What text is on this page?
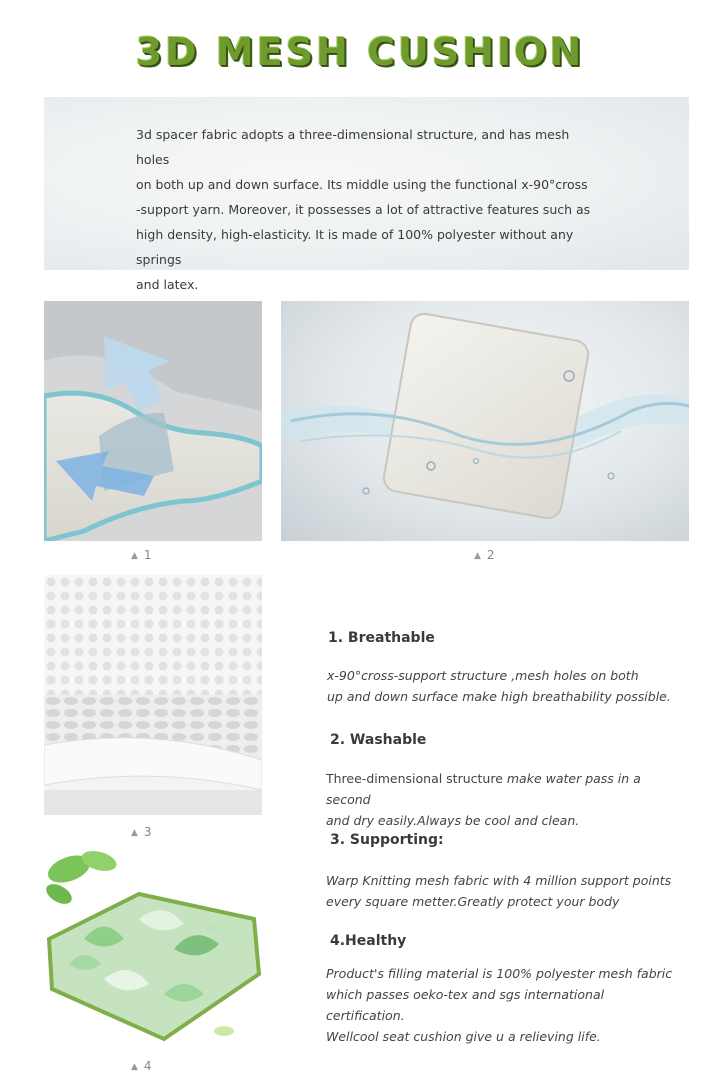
3D MESH CUSHION

3d spacer fabric adopts a three-dimensional structure, and has mesh holes
on both up and down surface. Its middle using the functional x-90°cross
-support yarn. Moreover, it possesses a lot of attractive features such as
high density, high-elasticity. It is made of 100% polyester without any springs
and latex.

▲ 1	▲ 2
▲ 3
▲ 4
1. Breathable
x-90°cross-support structure ,mesh holes on both
up and down surface make high breathability possible.
2. Washable
Three-dimensional structure make water pass in a second
and dry easily.Always be cool and clean.
3. Supporting:
Warp Knitting mesh fabric with 4 million support points
every square metter.Greatly protect your body
4.Healthy
Product's filling material is 100% polyester mesh fabric
which passes oeko-tex and sgs international certification.
Wellcool seat cushion give u a relieving life.
